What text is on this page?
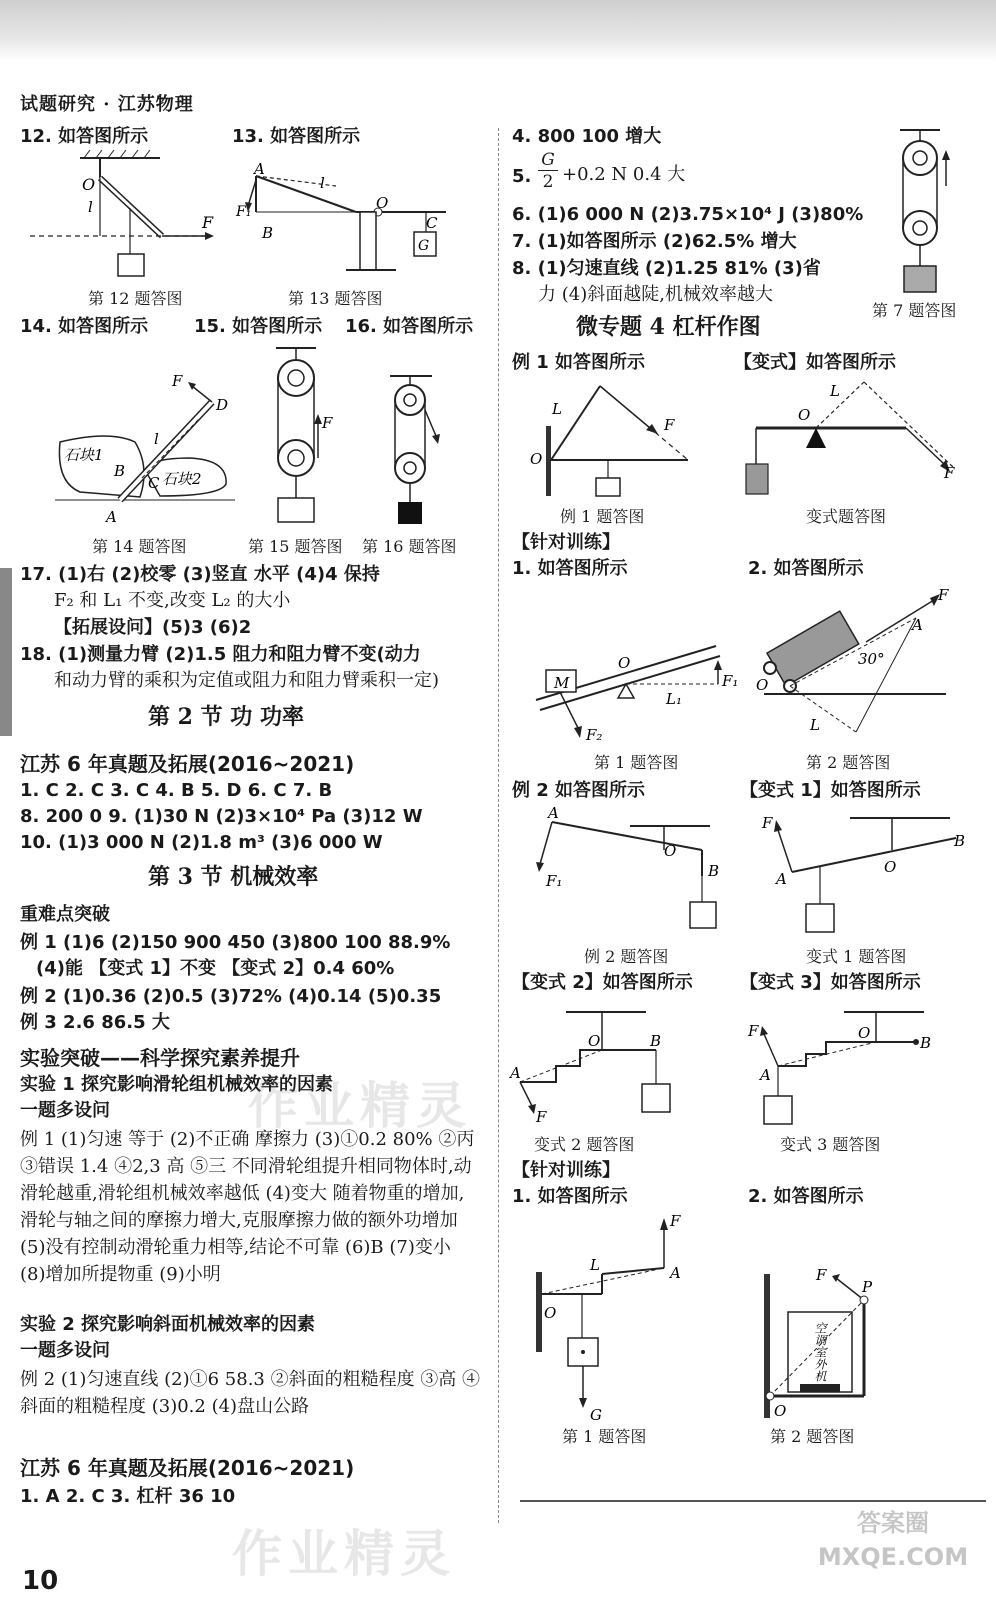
试题研究 · 江苏物理
12. 如答图所示	13. 如答图所示
O
l
F
第 12 题答图
A
F₁
B
l
O
C
G
第 13 题答图
14. 如答图所示	15. 如答图所示 16. 如答图所示
F
D
石块1
B
l
C 石块2
A
第 14 题答图
F
第 15 题答图 第 16 题答图
17. (1)右 (2)校零 (3)竖直 水平 (4)4 保持
F₂ 和 L₁ 不变,改变 L₂ 的大小
【拓展设问】(5)3 (6)2
18. (1)测量力臂 (2)1.5 阻力和阻力臂不变(动力
和动力臂的乘积为定值或阻力和阻力臂乘积一定)
第 2 节 功 功率
江苏 6 年真题及拓展(2016~2021)
1. C 2. C 3. C 4. B 5. D 6. C 7. B
8. 200 0 9. (1)30 N (2)3×10⁴ Pa (3)12 W
10. (1)3 000 N (2)1.8 m³ (3)6 000 W
第 3 节 机械效率
重难点突破
例 1 (1)6 (2)150 900 450 (3)800 100 88.9%
(4)能 【变式 1】不变 【变式 2】0.4 60%
例 2 (1)0.36 (2)0.5 (3)72% (4)0.14 (5)0.35
例 3 2.6 86.5 大
实验突破——科学探究素养提升
实验 1 探究影响滑轮组机械效率的因素
一题多设问
例 1 (1)匀速 等于 (2)不正确 摩擦力 (3)①0.2 80% ②丙 ③错误 1.4 ④2,3 高 ⑤三 不同滑轮组提升相同物体时,动滑轮越重,滑轮组机械效率越低 (4)变大 随着物重的增加,滑轮与轴之间的摩擦力增大,克服摩擦力做的额外功增加 (5)没有控制动滑轮重力相等,结论不可靠 (6)B (7)变小 (8)增加所提物重 (9)小明
实验 2 探究影响斜面机械效率的因素
一题多设问
例 2 (1)匀速直线 (2)①6 58.3 ②斜面的粗糙程度 ③高 ④斜面的粗糙程度 (3)0.2 (4)盘山公路
江苏 6 年真题及拓展(2016~2021)
1. A 2. C 3. 杠杆 36 10
4. 800 100 增大
5.
G
2 +0.2 N 0.4 大
6. (1)6 000 N (2)3.75×10⁴ J (3)80%
7. (1)如答图所示 (2)62.5% 增大
8. (1)匀速直线 (2)1.25 81% (3)省
力 (4)斜面越陡,机械效率越大
第 7 题答图
微专题 4 杠杆作图
例 1 如答图所示	【变式】如答图所示
L
F
O
例 1 题答图
L
O
F
变式题答图
【针对训练】
1. 如答图所示	2. 如答图所示
M
O
F₁
L₁
F₂
第 1 题答图
F
A
30°
O
L
第 2 题答图
例 2 如答图所示	【变式 1】如答图所示
A
O
B
F₁
例 2 题答图
F
O
B
A
变式 1 题答图
【变式 2】如答图所示	【变式 3】如答图所示
O	B
A
F
变式 2 题答图
F	O
B
A
变式 3 题答图
【针对训练】
1. 如答图所示	2. 如答图所示
F
L	A
O
G
第 1 题答图
空调室外机
F
P
O
第 2 题答图
作业精灵
作业精灵
答案圈 MXQE.COM
10
